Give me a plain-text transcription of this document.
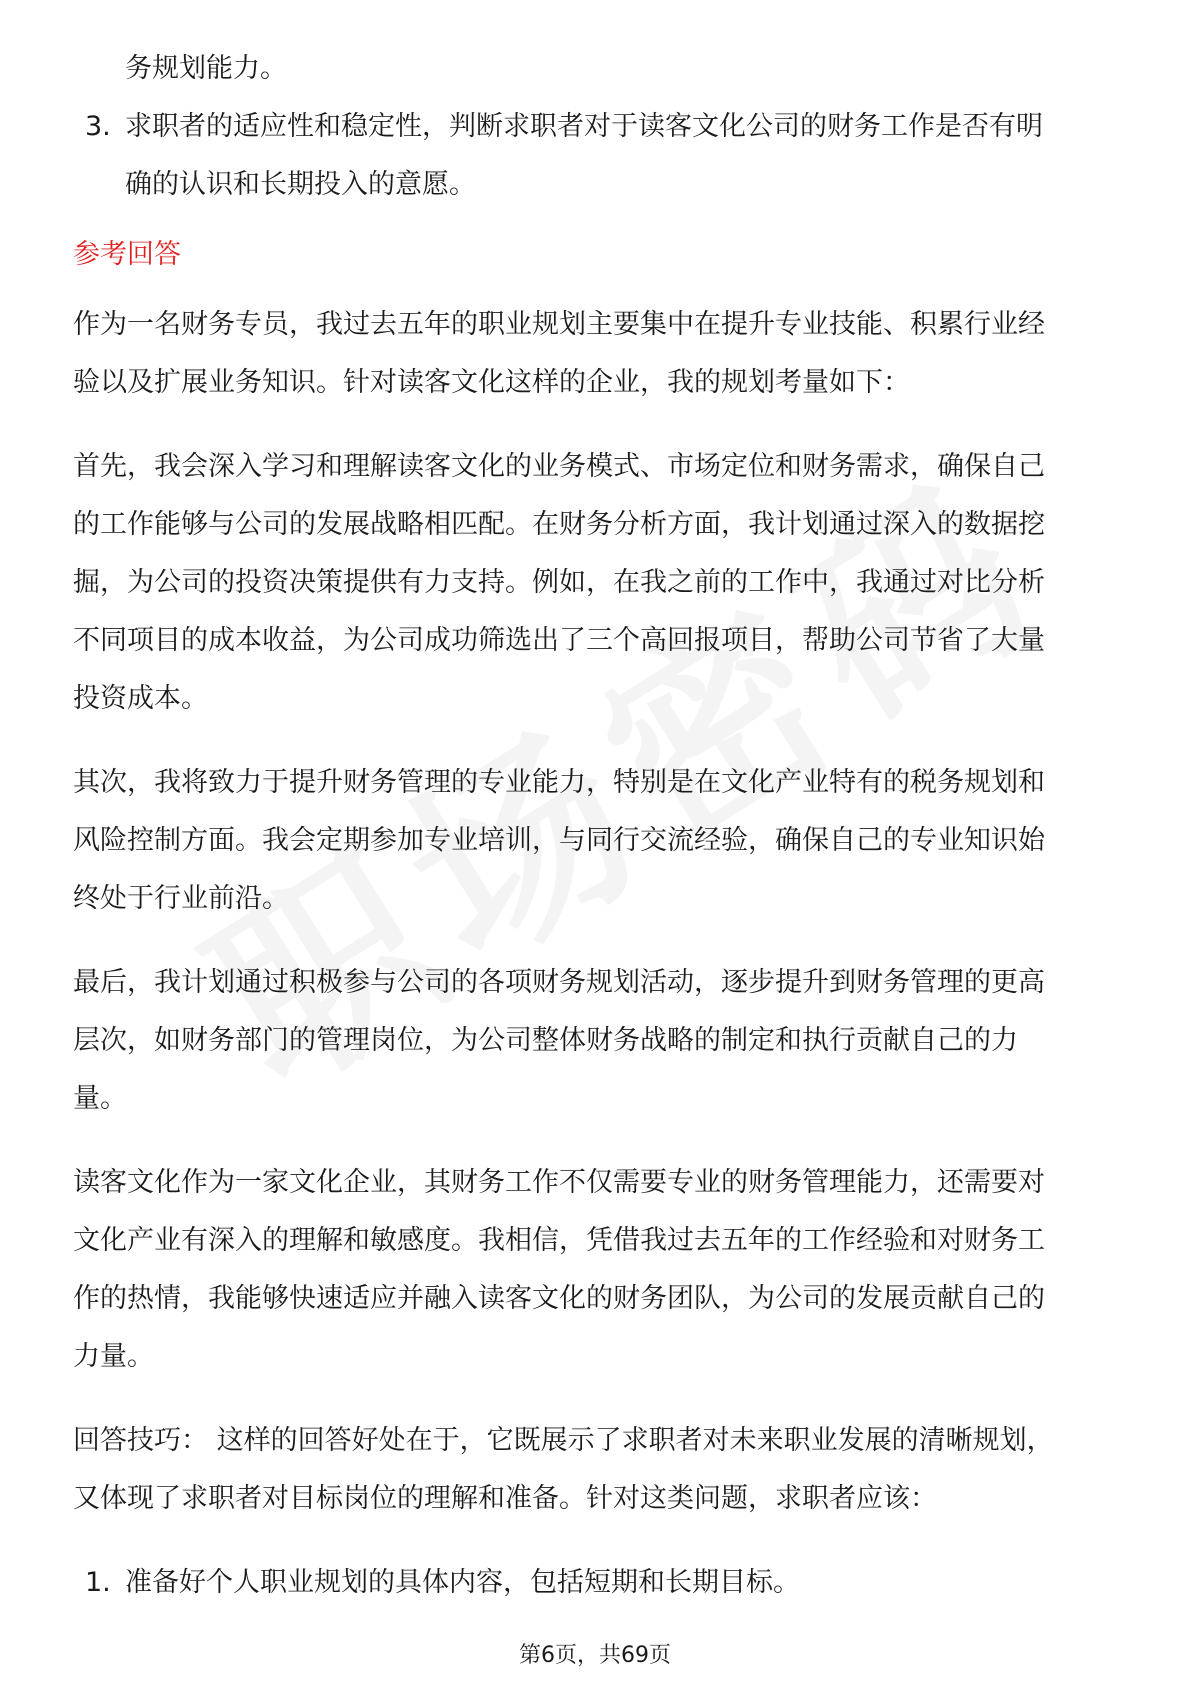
务规划能力。
3. 求职者的适应性和稳定性，判断求职者对于读客文化公司的财务工作是否有明
确的认识和长期投入的意愿。
参考回答
作为一名财务专员，我过去五年的职业规划主要集中在提升专业技能、积累行业经
验以及扩展业务知识。针对读客文化这样的企业，我的规划考量如下：
首先，我会深入学习和理解读客文化的业务模式、市场定位和财务需求，确保自己
的工作能够与公司的发展战略相匹配。在财务分析方面，我计划通过深入的数据挖
掘，为公司的投资决策提供有力支持。例如，在我之前的工作中，我通过对比分析
不同项目的成本收益，为公司成功筛选出了三个高回报项目，帮助公司节省了大量
投资成本。
其次，我将致力于提升财务管理的专业能力，特别是在文化产业特有的税务规划和
风险控制方面。我会定期参加专业培训，与同行交流经验，确保自己的专业知识始
终处于行业前沿。
最后，我计划通过积极参与公司的各项财务规划活动，逐步提升到财务管理的更高
层次，如财务部门的管理岗位，为公司整体财务战略的制定和执行贡献自己的力
量。
读客文化作为一家文化企业，其财务工作不仅需要专业的财务管理能力，还需要对
文化产业有深入的理解和敏感度。我相信，凭借我过去五年的工作经验和对财务工
作的热情，我能够快速适应并融入读客文化的财务团队，为公司的发展贡献自己的
力量。
回答技巧： 这样的回答好处在于，它既展示了求职者对未来职业发展的清晰规划，
又体现了求职者对目标岗位的理解和准备。针对这类问题，求职者应该：
1. 准备好个人职业规划的具体内容，包括短期和长期目标。
第6页，共69页
